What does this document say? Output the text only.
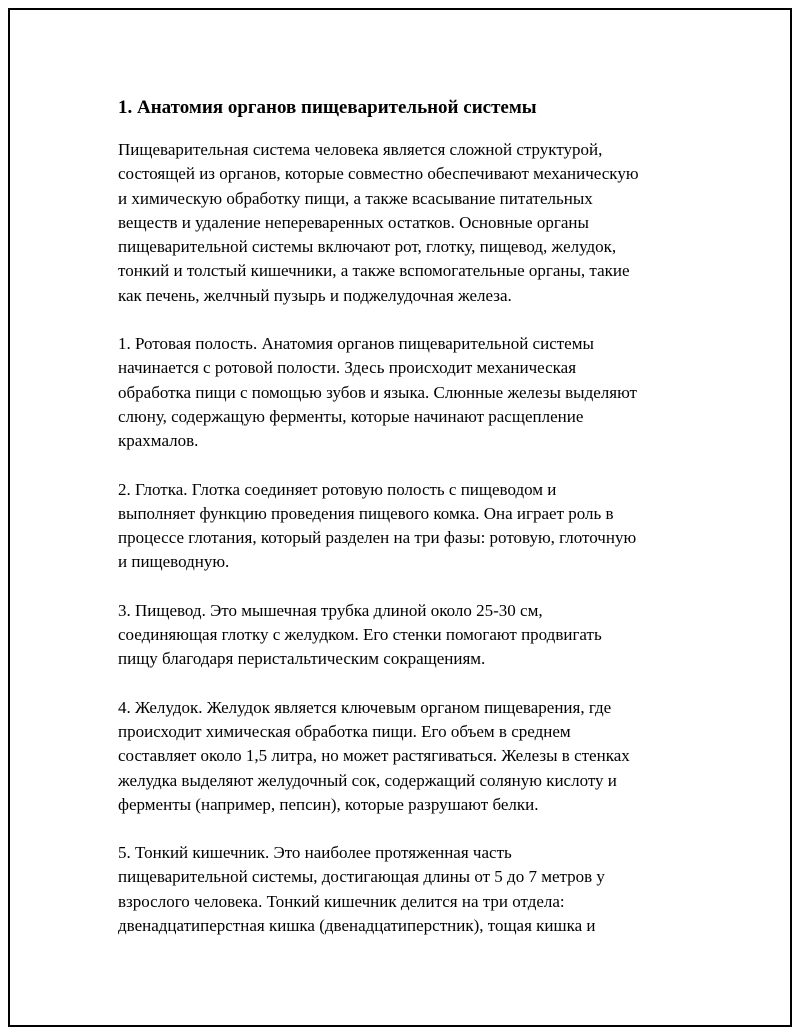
1. Анатомия органов пищеварительной системы

Пищеварительная система человека является сложной структурой,
состоящей из органов, которые совместно обеспечивают механическую
и химическую обработку пищи, а также всасывание питательных
веществ и удаление непереваренных остатков. Основные органы
пищеварительной системы включают рот, глотку, пищевод, желудок,
тонкий и толстый кишечники, а также вспомогательные органы, такие
как печень, желчный пузырь и поджелудочная железа.

1. Ротовая полость. Анатомия органов пищеварительной системы
начинается с ротовой полости. Здесь происходит механическая
обработка пищи с помощью зубов и языка. Слюнные железы выделяют
слюну, содержащую ферменты, которые начинают расщепление
крахмалов.

2. Глотка. Глотка соединяет ротовую полость с пищеводом и
выполняет функцию проведения пищевого комка. Она играет роль в
процессе глотания, который разделен на три фазы: ротовую, глоточную
и пищеводную.

3. Пищевод. Это мышечная трубка длиной около 25-30 см,
соединяющая глотку с желудком. Его стенки помогают продвигать
пищу благодаря перистальтическим сокращениям.

4. Желудок. Желудок является ключевым органом пищеварения, где
происходит химическая обработка пищи. Его объем в среднем
составляет около 1,5 литра, но может растягиваться. Железы в стенках
желудка выделяют желудочный сок, содержащий соляную кислоту и
ферменты (например, пепсин), которые разрушают белки.

5. Тонкий кишечник. Это наиболее протяженная часть
пищеварительной системы, достигающая длины от 5 до 7 метров у
взрослого человека. Тонкий кишечник делится на три отдела:
двенадцатиперстная кишка (двенадцатиперстник), тощая кишка и
